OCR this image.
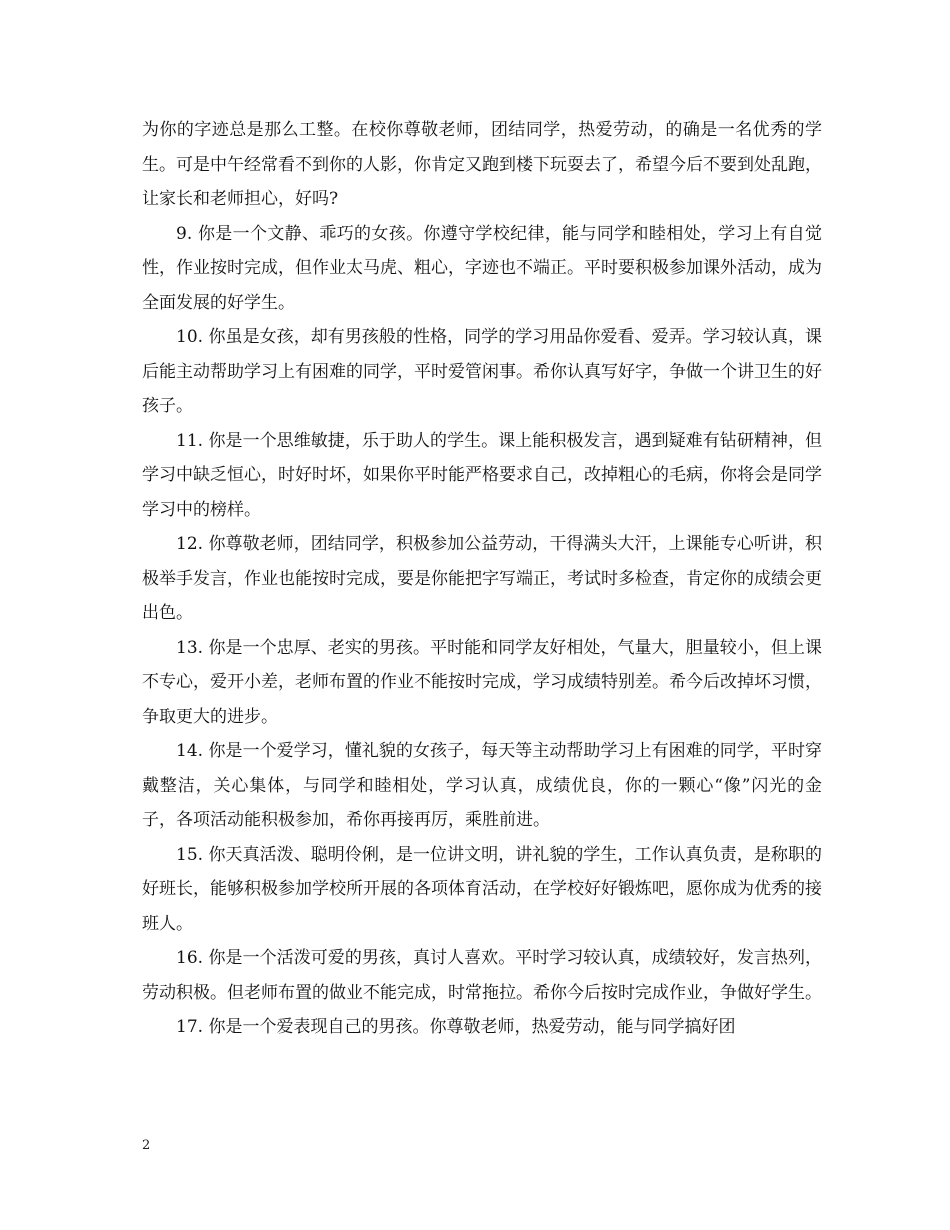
为你的字迹总是那么工整。在校你尊敬老师，团结同学，热爱劳动，的确是一名优秀的学生。可是中午经常看不到你的人影，你肯定又跑到楼下玩耍去了，希望今后不要到处乱跑，让家长和老师担心，好吗?

9. 你是一个文静、乖巧的女孩。你遵守学校纪律，能与同学和睦相处，学习上有自觉性，作业按时完成，但作业太马虎、粗心，字迹也不端正。平时要积极参加课外活动，成为全面发展的好学生。

10. 你虽是女孩，却有男孩般的性格，同学的学习用品你爱看、爱弄。学习较认真，课后能主动帮助学习上有困难的同学，平时爱管闲事。希你认真写好字，争做一个讲卫生的好孩子。

11. 你是一个思维敏捷，乐于助人的学生。课上能积极发言，遇到疑难有钻研精神，但学习中缺乏恒心，时好时坏，如果你平时能严格要求自己，改掉粗心的毛病，你将会是同学学习中的榜样。

12. 你尊敬老师，团结同学，积极参加公益劳动，干得满头大汗，上课能专心听讲，积极举手发言，作业也能按时完成，要是你能把字写端正，考试时多检查，肯定你的成绩会更出色。

13. 你是一个忠厚、老实的男孩。平时能和同学友好相处，气量大，胆量较小，但上课不专心，爱开小差，老师布置的作业不能按时完成，学习成绩特别差。希今后改掉坏习惯，争取更大的进步。

14. 你是一个爱学习，懂礼貌的女孩子，每天等主动帮助学习上有困难的同学，平时穿戴整洁，关心集体，与同学和睦相处，学习认真，成绩优良，你的一颗心“像”闪光的金子，各项活动能积极参加，希你再接再厉，乘胜前进。

15. 你天真活泼、聪明伶俐，是一位讲文明，讲礼貌的学生，工作认真负责，是称职的好班长，能够积极参加学校所开展的各项体育活动，在学校好好锻炼吧，愿你成为优秀的接班人。

16. 你是一个活泼可爱的男孩，真讨人喜欢。平时学习较认真，成绩较好，发言热列，劳动积极。但老师布置的做业不能完成，时常拖拉。希你今后按时完成作业，争做好学生。

17. 你是一个爱表现自己的男孩。你尊敬老师，热爱劳动，能与同学搞好团

2
